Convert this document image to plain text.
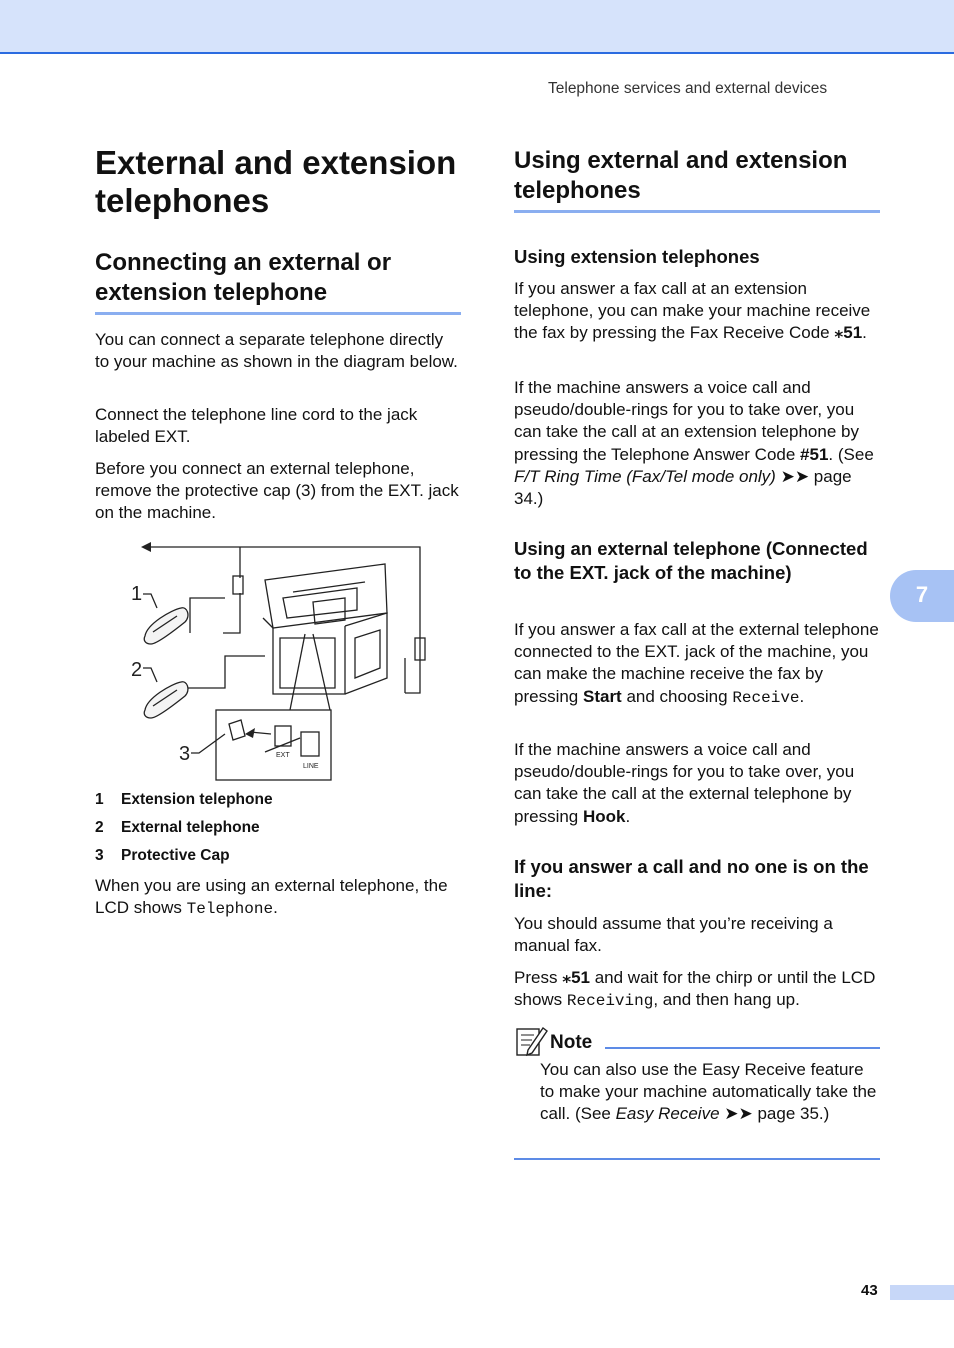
Telephone services and external devices
External and extension telephones
Connecting an external or extension telephone
You can connect a separate telephone directly to your machine as shown in the diagram below.
Connect the telephone line cord to the jack labeled EXT.
Before you connect an external telephone, remove the protective cap (3) from the EXT. jack on the machine.
1
2
3	EXT
LINE
1 Extension telephone
2 External telephone
3 Protective Cap
When you are using an external telephone, the LCD shows Telephone.
Using external and extension telephones
Using extension telephones
If you answer a fax call at an extension telephone, you can make your machine receive the fax by pressing the Fax Receive Code ⁎51.
If the machine answers a voice call and pseudo/double-rings for you to take over, you can take the call at an extension telephone by pressing the Telephone Answer Code #51. (See F/T Ring Time (Fax/Tel mode only) ➤➤ page 34.)
Using an external telephone (Connected to the EXT. jack of the machine)
If you answer a fax call at the external telephone connected to the EXT. jack of the machine, you can make the machine receive the fax by pressing Start and choosing Receive.
If the machine answers a voice call and pseudo/double-rings for you to take over, you can take the call at the external telephone by pressing Hook.
If you answer a call and no one is on the line:
You should assume that you’re receiving a manual fax.
Press ⁎51 and wait for the chirp or until the LCD shows Receiving, and then hang up.
Note
You can also use the Easy Receive feature to make your machine automatically take the call. (See Easy Receive ➤➤ page 35.)
7
43
